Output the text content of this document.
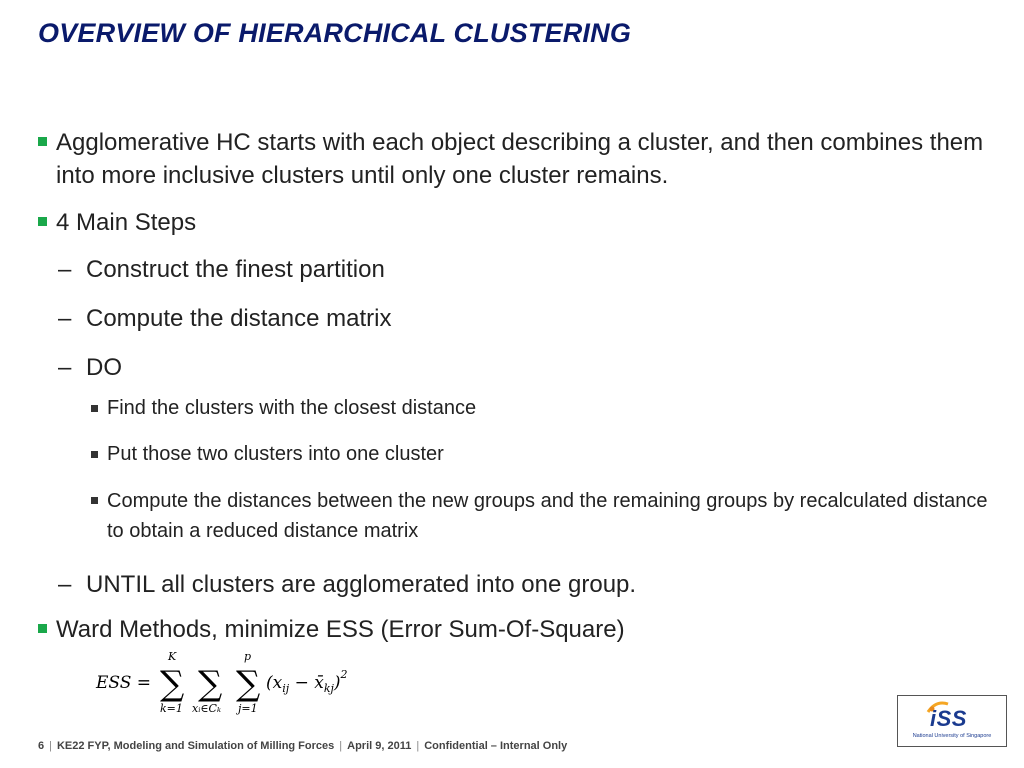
OVERVIEW OF HIERARCHICAL CLUSTERING
Agglomerative HC starts with each object describing a cluster, and then combines them into more inclusive clusters until only one cluster remains.
4 Main Steps
– Construct the finest partition
– Compute the distance matrix
– DO
Find the clusters with the closest distance
Put those two clusters into one cluster
Compute the distances between the new groups and the remaining groups by recalculated distance to obtain a reduced distance matrix
– UNTIL all clusters are agglomerated into one group.
Ward Methods, minimize ESS (Error Sum-Of-Square)
ESS =
K
∑
k=1
∑
xᵢ∈Cₖ
p
∑
j=1
($x_{ij}$ − $x̄_{kj})^2$
iSS
National University of Singapore
6 | KE22 FYP, Modeling and Simulation of Milling Forces | April 9, 2011 | Confidential – Internal Only
